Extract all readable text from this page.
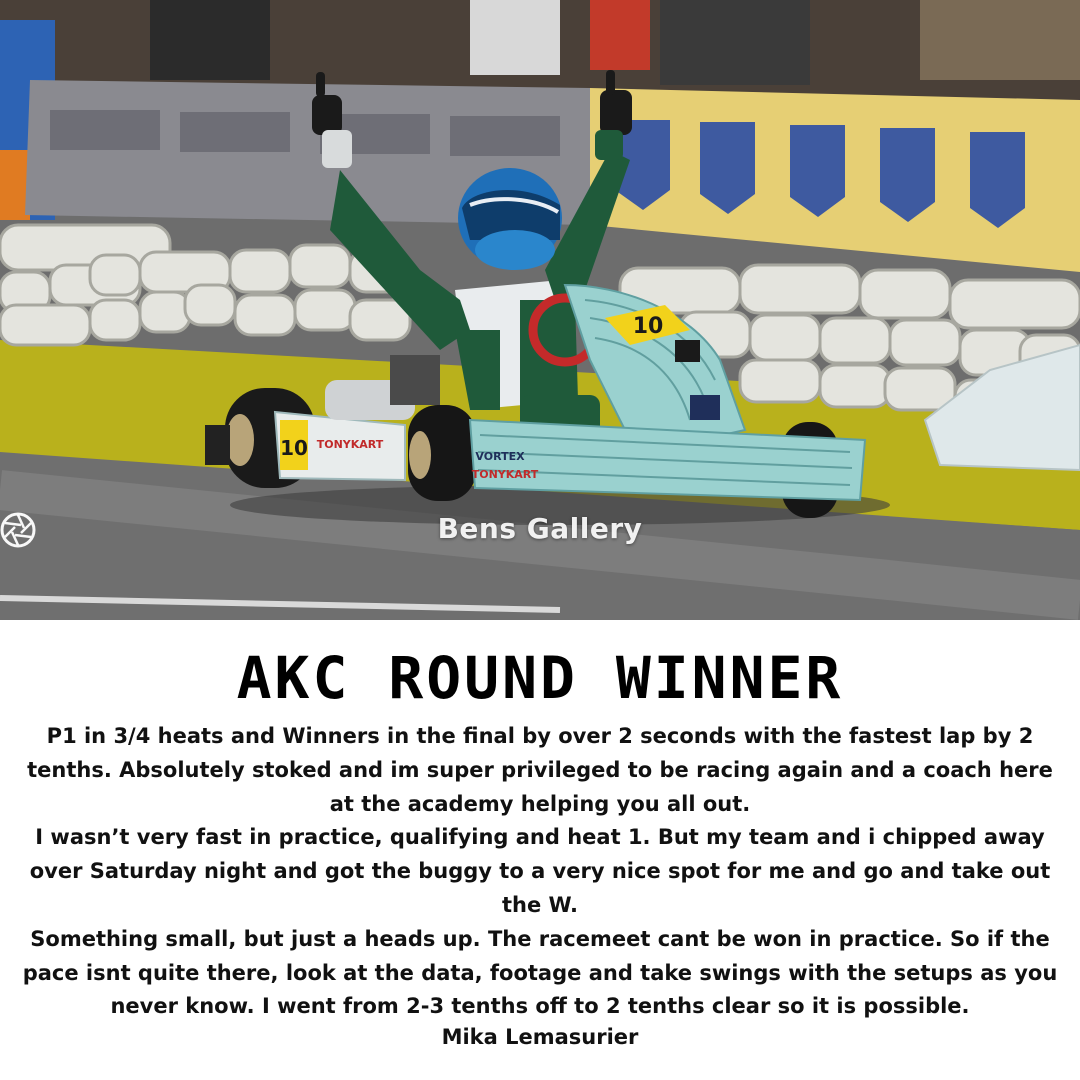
10 TONYKART
10
VORTEX
TONYKART
Bens Gallery
AKC ROUND WINNER

P1 in 3/4 heats and Winners in the final by over 2 seconds with the fastest lap by 2 tenths. Absolutely stoked and im super privileged to be racing again and a coach here at the academy helping you all out.

I wasn’t very fast in practice, qualifying and heat 1. But my team and i chipped away over Saturday night and got the buggy to a very nice spot for me and go and take out the W.

Something small, but just a heads up. The racemeet cant be won in practice. So if the pace isnt quite there, look at the data, footage and take swings with the setups as you never know. I went from 2-3 tenths off to 2 tenths clear so it is possible.

Mika Lemasurier
